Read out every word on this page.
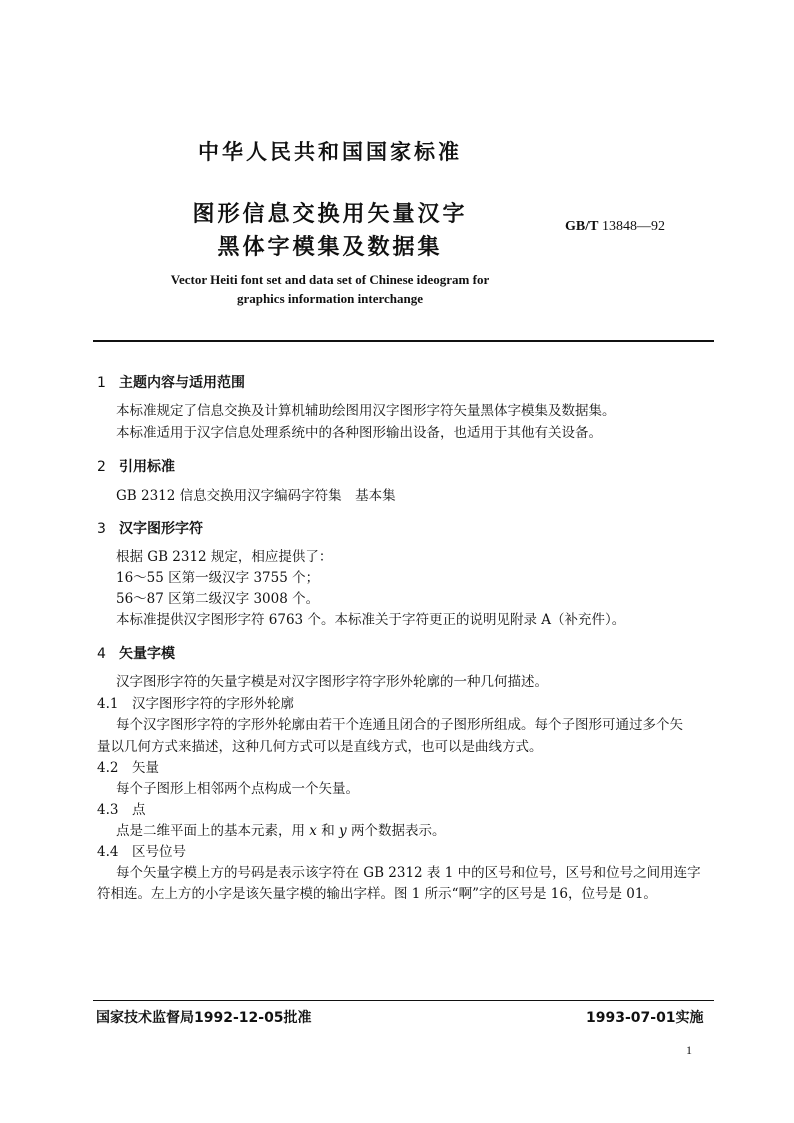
中华人民共和国国家标准
图形信息交换用矢量汉字
黑体字模集及数据集
GB/T 13848—92
Vector Heiti font set and data set of Chinese ideogram for
graphics information interchange
1 主题内容与适用范围
本标准规定了信息交换及计算机辅助绘图用汉字图形字符矢量黑体字模集及数据集。
本标准适用于汉字信息处理系统中的各种图形输出设备，也适用于其他有关设备。
2 引用标准
GB 2312 信息交换用汉字编码字符集　基本集
3 汉字图形字符
根据 GB 2312 规定，相应提供了：
16～55 区第一级汉字 3755 个；
56～87 区第二级汉字 3008 个。
本标准提供汉字图形字符 6763 个。本标准关于字符更正的说明见附录 A（补充件）。
4 矢量字模
汉字图形字符的矢量字模是对汉字图形字符字形外轮廓的一种几何描述。
4.1 汉字图形字符的字形外轮廓
每个汉字图形字符的字形外轮廓由若干个连通且闭合的子图形所组成。每个子图形可通过多个矢
量以几何方式来描述，这种几何方式可以是直线方式，也可以是曲线方式。
4.2 矢量
每个子图形上相邻两个点构成一个矢量。
4.3 点
点是二维平面上的基本元素，用 x 和 y 两个数据表示。
4.4 区号位号
每个矢量字模上方的号码是表示该字符在 GB 2312 表 1 中的区号和位号，区号和位号之间用连字
符相连。左上方的小字是该矢量字模的输出字样。图 1 所示“啊”字的区号是 16，位号是 01。
国家技术监督局1992-12-05批准	1993-07-01实施
1
